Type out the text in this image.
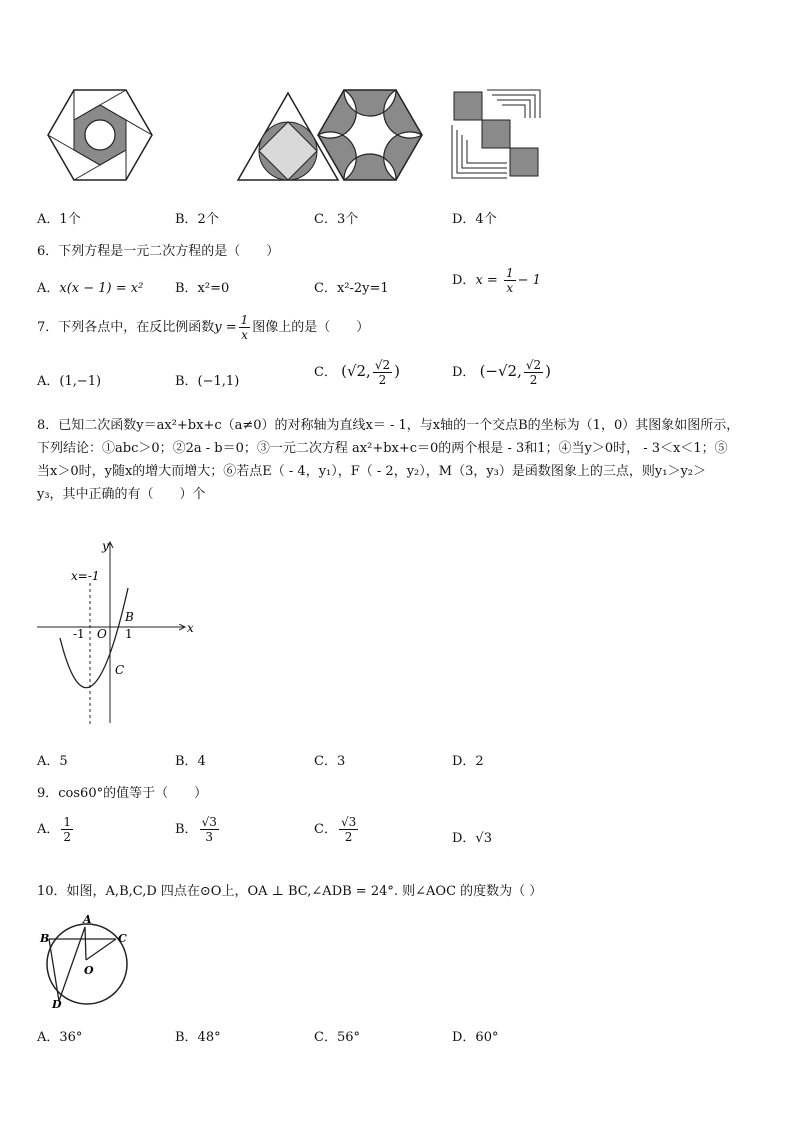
A．1个	B．2个	C．3个	D．4个
6．下列方程是一元二次方程的是（　　）
A．x(x − 1) = x² B．x²=0	C．x²-2y=1
D．$x = \frac{1}{x} - 1$
7．下列各点中，在反比例函数$y = \frac{1}{x}$ 图像上的是（　　）
A．(1,−1)	B．(−1,1)
C． (√2, $\frac{√2}{2}$ )	D． (−√2, $\frac{√2}{2}$ )
8．已知二次函数y＝ax²+bx+c（a≠0）的对称轴为直线x＝ - 1，与x轴的一个交点B的坐标为（1，0）其图象如图所示，
下列结论：①abc＞0；②2a - b＝0；③一元二次方程 ax²+bx+c＝0的两个根是 - 3和1；④当y＞0时， - 3＜x＜1；⑤
当x＞0时，y随x的增大而增大；⑥若点E（ - 4，y₁），F（ - 2，y₂），M（3，y₃）是函数图象上的三点，则y₁＞y₂＞
y₃，其中正确的有（　　）个
x
y
x=-1
-1 O 1
B
C
A．5	B．4	C．3	D．2
9．cos60°的值等于（　　）
A． $\frac{1}{2}$	B． $\frac{√3}{3}$	C． $\frac{√3}{2}$	D．√3
10．如图，A,B,C,D 四点在⊙O上，OA ⊥ BC,∠ADB = 24°. 则∠AOC 的度数为（ ）
A
B	C
D
O
A．36°	B．48°	C．56°	D．60°
